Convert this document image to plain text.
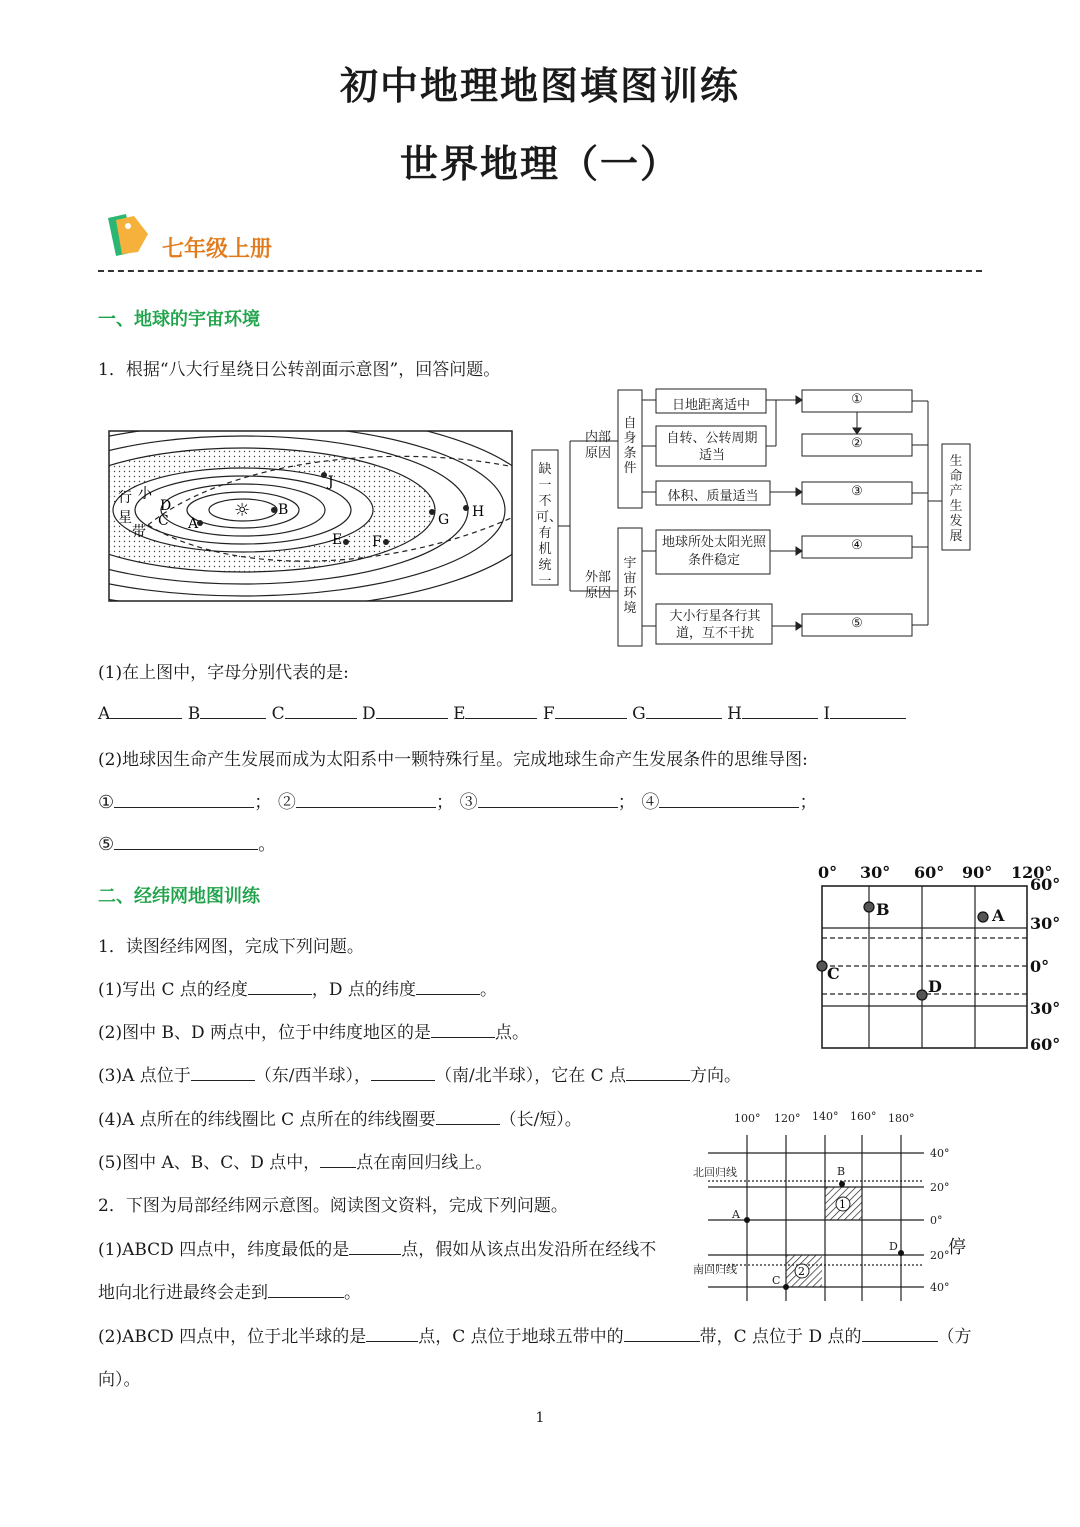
初中地理地图填图训练
世界地理（一）
七年级上册
一、地球的宇宙环境
1．根据“八大行星绕日公转剖面示意图”，回答问题。
☼
A
B
C
D
E F
G H
J
行 小
星
带
缺一不可、有机统一
内部原因
外部原因
自身条件
宇宙环境
日地距离适中
自转、公转周期适当
体积、质量适当
地球所处太阳光照条件稳定
大小行星各行其道，互不干扰
生命产生发展
①
②
③
④
⑤
(1)在上图中，字母分别代表的是:
A	B	C	D	E	F	G	H	I
(2)地球因生命产生发展而成为太阳系中一颗特殊行星。完成地球生命产生发展条件的思维导图:
①	； ②	； ③	； ④	；
⑤	。
二、经纬网地图训练
1．读图经纬网图，完成下列问题。
(1)写出 C 点的经度	，D 点的纬度	。
(2)图中 B、D 两点中，位于中纬度地区的是	点。
(3)A 点位于	（东/西半球），	（南/北半球），它在 C 点	方向。
(4)A 点所在的纬线圈比 C 点所在的纬线圈要	（长/短）。
(5)图中 A、B、C、D 点中， 点在南回归线上。
2．下图为局部经纬网示意图。阅读图文资料，完成下列问题。
(1)ABCD 四点中，纬度最低的是	点，假如从该点出发沿所在经线不	停
地向北行进最终会走到	。
(2)ABCD 四点中，位于北半球的是	点，C 点位于地球五带中的	带，C 点位于 D 点的	（方
向）。
0° 30° 60° 90° 120°
60°
30°
0°
30°
60°
A
B
C
D
100° 120° 140° 160° 180°
40°
20°
0°
20°
40°
北回归线
南回归线
A
B
C
D
1
2
1
